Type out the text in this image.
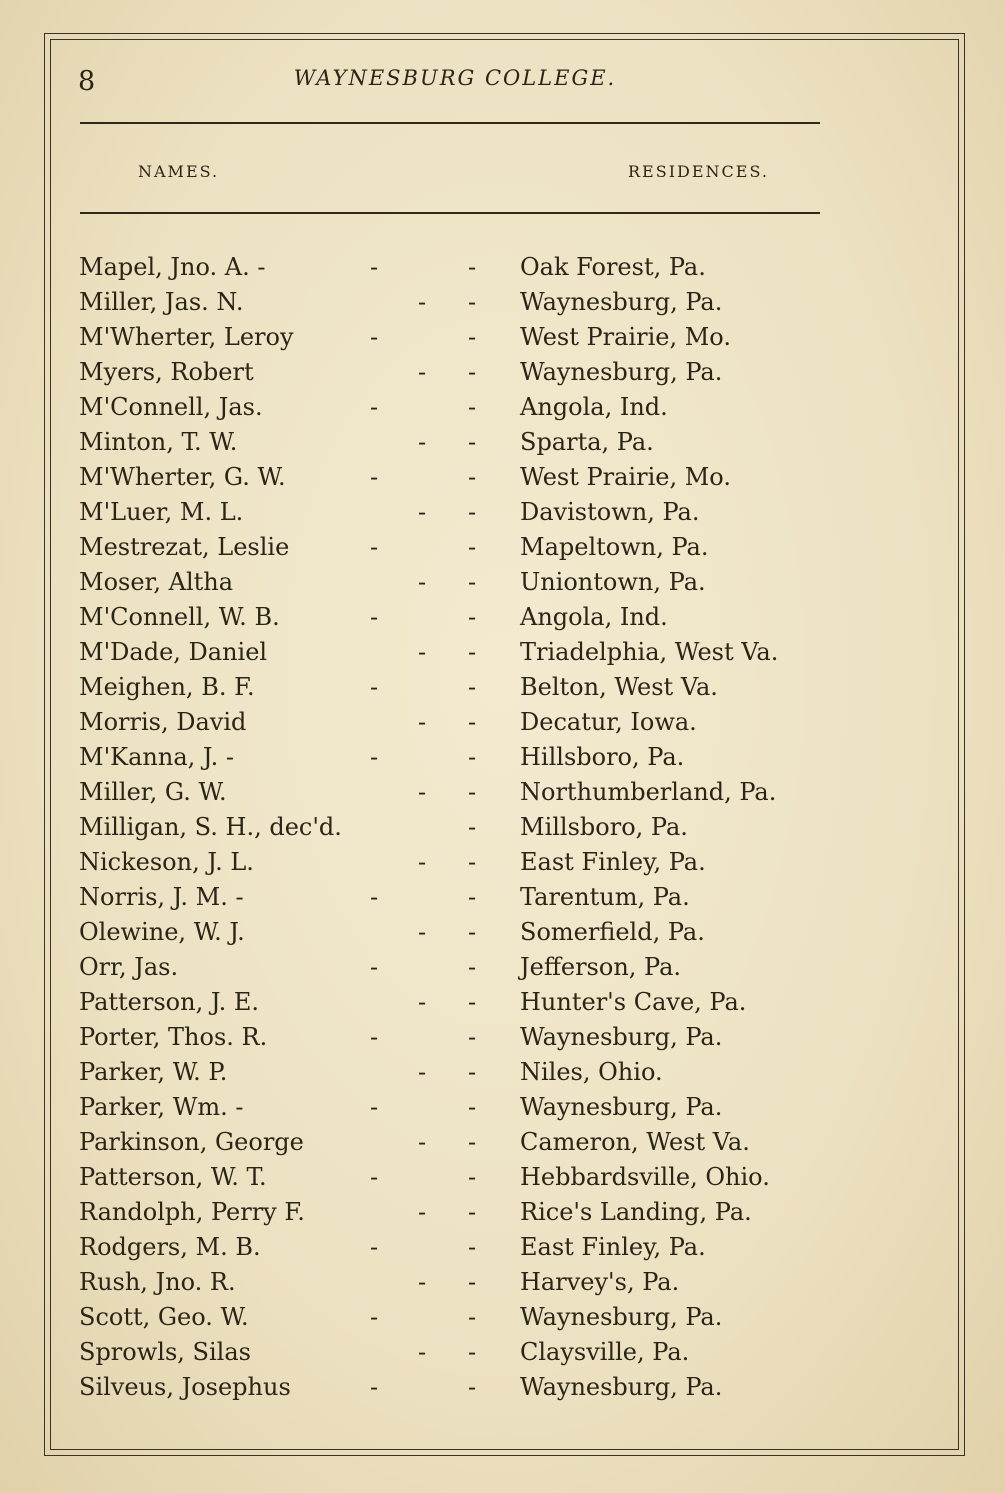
8	WAYNESBURG COLLEGE.
NAMES.	RESIDENCES.
Mapel, Jno. A. -	-	- Oak Forest, Pa.
Miller, Jas. N.	- - Waynesburg, Pa.
M'Wherter, Leroy	-	- West Prairie, Mo.
Myers, Robert	- - Waynesburg, Pa.
M'Connell, Jas.	-	- Angola, Ind.
Minton, T. W.	- - Sparta, Pa.
M'Wherter, G. W.	-	- West Prairie, Mo.
M'Luer, M. L.	- - Davistown, Pa.
Mestrezat, Leslie	-	- Mapeltown, Pa.
Moser, Altha	- - Uniontown, Pa.
M'Connell, W. B.	-	- Angola, Ind.
M'Dade, Daniel	- - Triadelphia, West Va.
Meighen, B. F.	-	- Belton, West Va.
Morris, David	- - Decatur, Iowa.
M'Kanna, J. -	-	- Hillsboro, Pa.
Miller, G. W.	- - Northumberland, Pa.
Milligan, S. H., dec'd.	- Millsboro, Pa.
Nickeson, J. L.	- - East Finley, Pa.
Norris, J. M. -	-	- Tarentum, Pa.
Olewine, W. J.	- - Somerfield, Pa.
Orr, Jas.	-	- Jefferson, Pa.
Patterson, J. E.	- - Hunter's Cave, Pa.
Porter, Thos. R.	-	- Waynesburg, Pa.
Parker, W. P.	- - Niles, Ohio.
Parker, Wm. -	-	- Waynesburg, Pa.
Parkinson, George	- - Cameron, West Va.
Patterson, W. T.	-	- Hebbardsville, Ohio.
Randolph, Perry F.	- - Rice's Landing, Pa.
Rodgers, M. B.	-	- East Finley, Pa.
Rush, Jno. R.	- - Harvey's, Pa.
Scott, Geo. W.	-	- Waynesburg, Pa.
Sprowls, Silas	- - Claysville, Pa.
Silveus, Josephus	-	- Waynesburg, Pa.
